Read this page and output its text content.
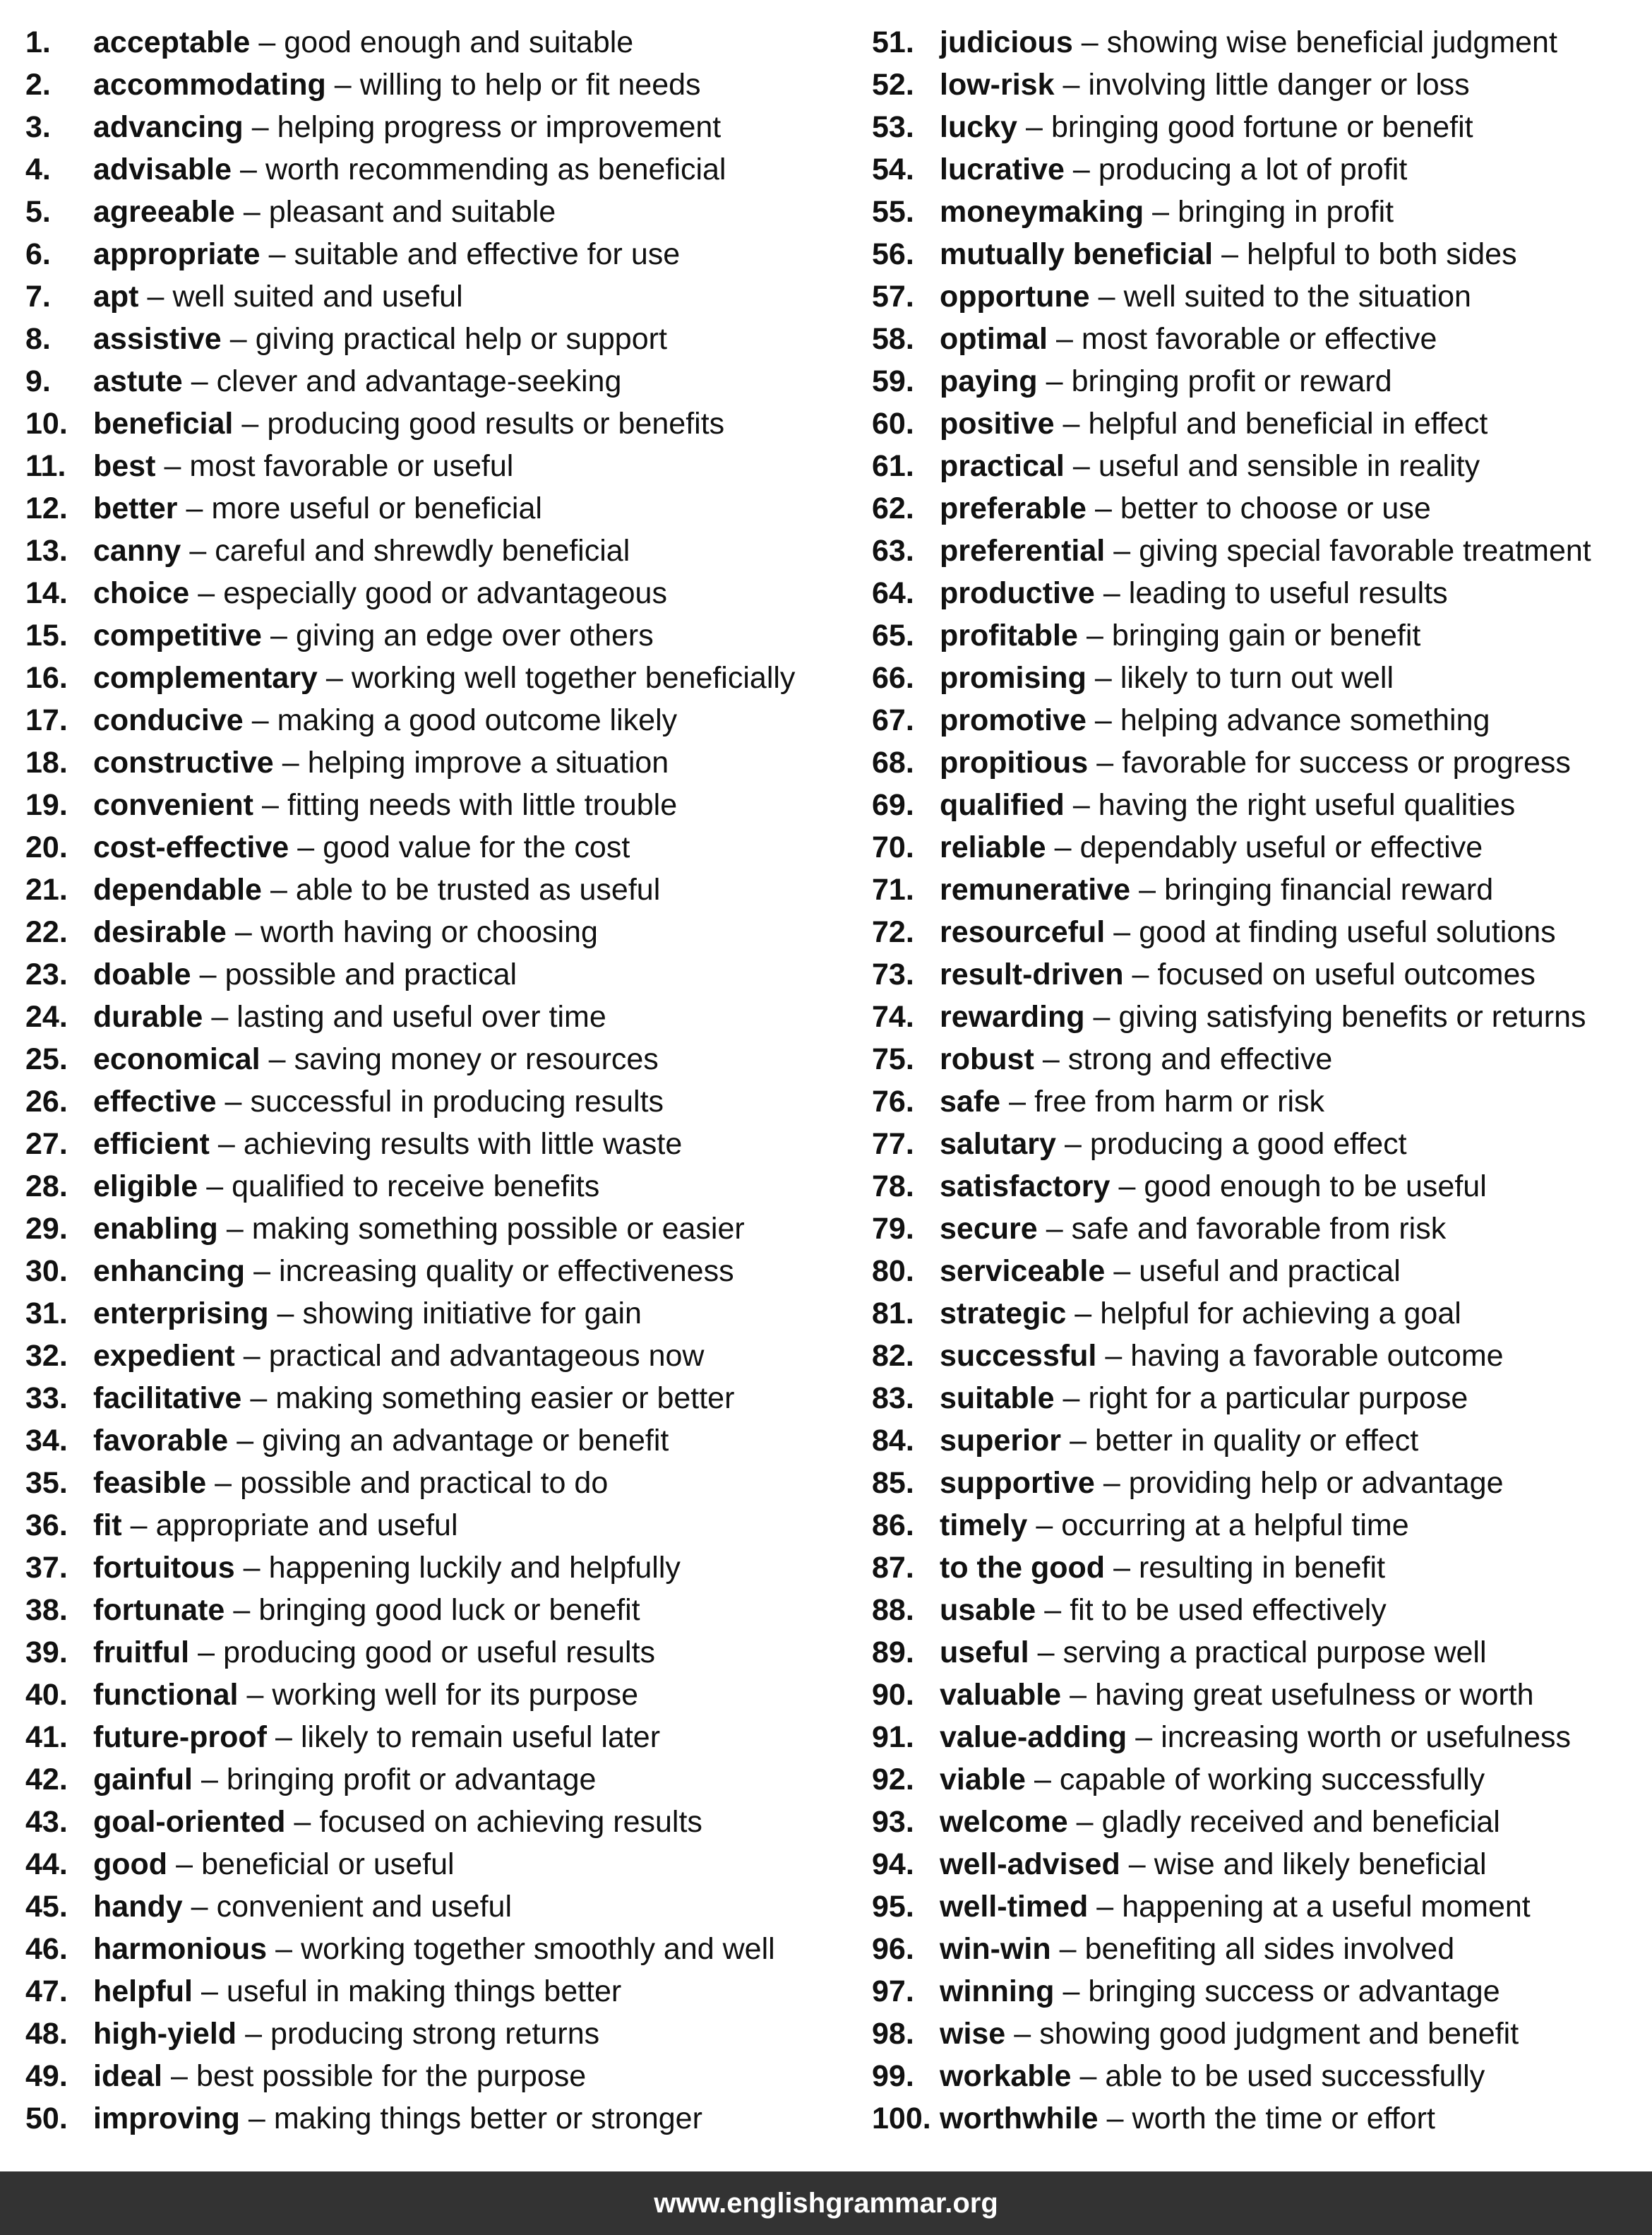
1.	acceptable – good enough and suitable
2.	accommodating – willing to help or fit needs
3.	advancing – helping progress or improvement
4.	advisable – worth recommending as beneficial
5.	agreeable – pleasant and suitable
6.	appropriate – suitable and effective for use
7.	apt – well suited and useful
8.	assistive – giving practical help or support
9.	astute – clever and advantage-seeking
10. beneficial – producing good results or benefits
11. best – most favorable or useful
12. better – more useful or beneficial
13. canny – careful and shrewdly beneficial
14. choice – especially good or advantageous
15. competitive – giving an edge over others
16. complementary – working well together beneficially
17. conducive – making a good outcome likely
18. constructive – helping improve a situation
19. convenient – fitting needs with little trouble
20. cost-effective – good value for the cost
21. dependable – able to be trusted as useful
22. desirable – worth having or choosing
23. doable – possible and practical
24. durable – lasting and useful over time
25. economical – saving money or resources
26. effective – successful in producing results
27. efficient – achieving results with little waste
28. eligible – qualified to receive benefits
29. enabling – making something possible or easier
30. enhancing – increasing quality or effectiveness
31. enterprising – showing initiative for gain
32. expedient – practical and advantageous now
33. facilitative – making something easier or better
34. favorable – giving an advantage or benefit
35. feasible – possible and practical to do
36. fit – appropriate and useful
37. fortuitous – happening luckily and helpfully
38. fortunate – bringing good luck or benefit
39. fruitful – producing good or useful results
40. functional – working well for its purpose
41. future-proof – likely to remain useful later
42. gainful – bringing profit or advantage
43. goal-oriented – focused on achieving results
44. good – beneficial or useful
45. handy – convenient and useful
46. harmonious – working together smoothly and well
47. helpful – useful in making things better
48. high-yield – producing strong returns
49. ideal – best possible for the purpose
50. improving – making things better or stronger
51. judicious – showing wise beneficial judgment
52. low-risk – involving little danger or loss
53. lucky – bringing good fortune or benefit
54. lucrative – producing a lot of profit
55. moneymaking – bringing in profit
56. mutually beneficial – helpful to both sides
57. opportune – well suited to the situation
58. optimal – most favorable or effective
59. paying – bringing profit or reward
60. positive – helpful and beneficial in effect
61. practical – useful and sensible in reality
62. preferable – better to choose or use
63. preferential – giving special favorable treatment
64. productive – leading to useful results
65. profitable – bringing gain or benefit
66. promising – likely to turn out well
67. promotive – helping advance something
68. propitious – favorable for success or progress
69. qualified – having the right useful qualities
70. reliable – dependably useful or effective
71. remunerative – bringing financial reward
72. resourceful – good at finding useful solutions
73. result-driven – focused on useful outcomes
74. rewarding – giving satisfying benefits or returns
75. robust – strong and effective
76. safe – free from harm or risk
77. salutary – producing a good effect
78. satisfactory – good enough to be useful
79. secure – safe and favorable from risk
80. serviceable – useful and practical
81. strategic – helpful for achieving a goal
82. successful – having a favorable outcome
83. suitable – right for a particular purpose
84. superior – better in quality or effect
85. supportive – providing help or advantage
86. timely – occurring at a helpful time
87. to the good – resulting in benefit
88. usable – fit to be used effectively
89. useful – serving a practical purpose well
90. valuable – having great usefulness or worth
91. value-adding – increasing worth or usefulness
92. viable – capable of working successfully
93. welcome – gladly received and beneficial
94. well-advised – wise and likely beneficial
95. well-timed – happening at a useful moment
96. win-win – benefiting all sides involved
97. winning – bringing success or advantage
98. wise – showing good judgment and benefit
99. workable – able to be used successfully
100. worthwhile – worth the time or effort
www.englishgrammar.org
